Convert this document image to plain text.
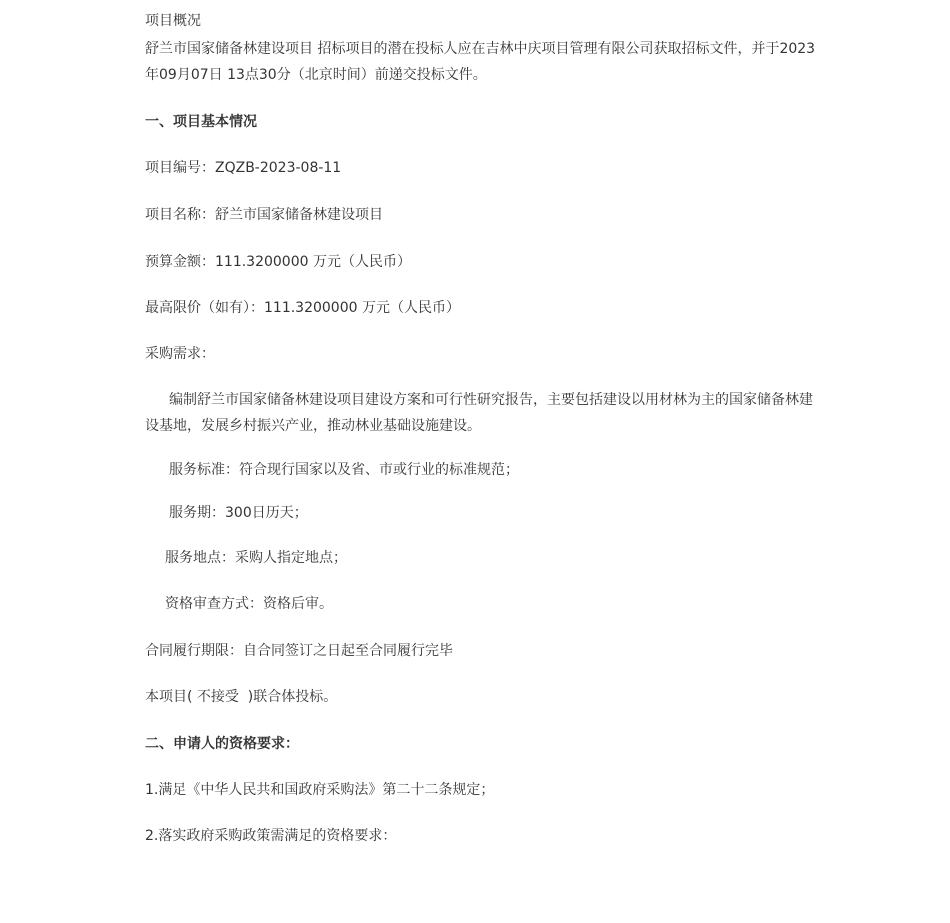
项目概况
舒兰市国家储备林建设项目 招标项目的潜在投标人应在吉林中庆项目管理有限公司获取招标文件，并于2023年09月07日 13点30分（北京时间）前递交投标文件。
一、项目基本情况
项目编号：ZQZB-2023-08-11
项目名称：舒兰市国家储备林建设项目
预算金额：111.3200000 万元（人民币）
最高限价（如有）：111.3200000 万元（人民币）
采购需求：
编制舒兰市国家储备林建设项目建设方案和可行性研究报告，主要包括建设以用材林为主的国家储备林建设基地，发展乡村振兴产业，推动林业基础设施建设。
服务标准：符合现行国家以及省、市或行业的标准规范；
服务期：300日历天；
服务地点：采购人指定地点；
资格审查方式：资格后审。
合同履行期限：自合同签订之日起至合同履行完毕
本项目( 不接受  )联合体投标。
二、申请人的资格要求：
1.满足《中华人民共和国政府采购法》第二十二条规定；
2.落实政府采购政策需满足的资格要求：
